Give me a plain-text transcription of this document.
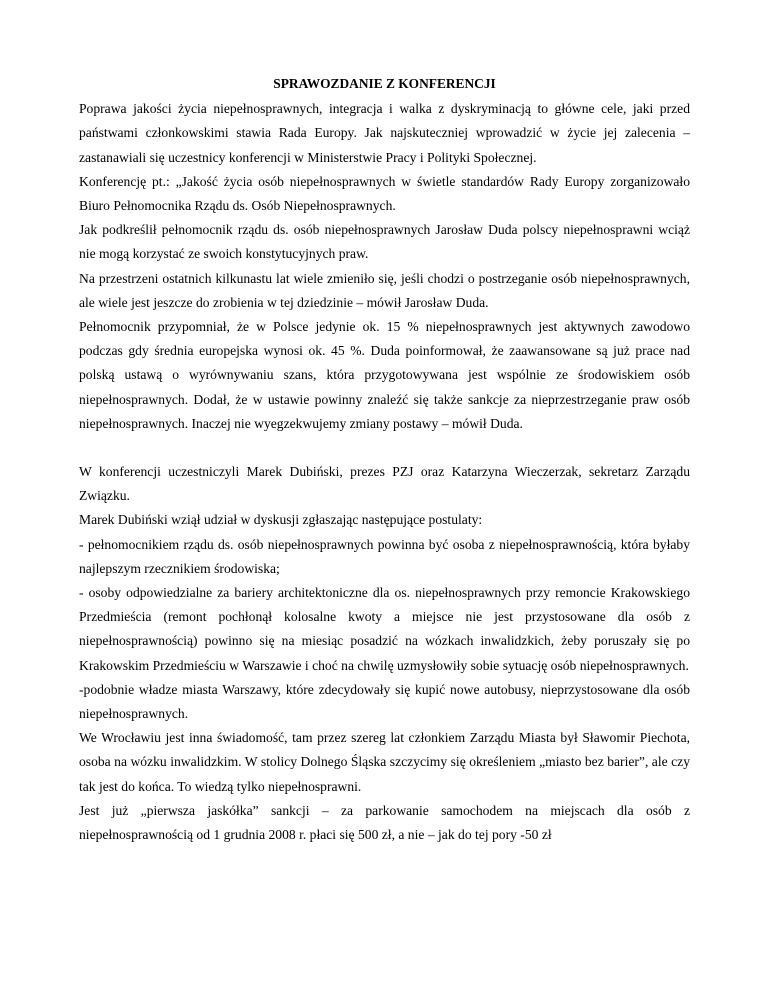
SPRAWOZDANIE Z KONFERENCJI

Poprawa jakości życia niepełnosprawnych, integracja i walka z dyskryminacją to główne cele, jaki przed państwami członkowskimi stawia Rada Europy. Jak najskuteczniej wprowadzić w życie jej zalecenia – zastanawiali się uczestnicy konferencji w Ministerstwie Pracy i Polityki Społecznej.

Konferencję pt.: „Jakość życia osób niepełnosprawnych w świetle standardów Rady Europy zorganizowało Biuro Pełnomocnika Rządu ds. Osób Niepełnosprawnych.

Jak podkreślił pełnomocnik rządu ds. osób niepełnosprawnych Jarosław Duda polscy niepełnosprawni wciąż nie mogą korzystać ze swoich konstytucyjnych praw.

Na przestrzeni ostatnich kilkunastu lat wiele zmieniło się, jeśli chodzi o postrzeganie osób niepełnosprawnych, ale wiele jest jeszcze do zrobienia w tej dziedzinie – mówił Jarosław Duda.

Pełnomocnik przypomniał, że w Polsce jedynie ok. 15 % niepełnosprawnych jest aktywnych zawodowo podczas gdy średnia europejska wynosi ok. 45 %. Duda poinformował, że zaawansowane są już prace nad polską ustawą o wyrównywaniu szans, która przygotowywana jest wspólnie ze środowiskiem osób niepełnosprawnych. Dodał, że w ustawie powinny znaleźć się także sankcje za nieprzestrzeganie praw osób niepełnosprawnych. Inaczej nie wyegzekwujemy zmiany postawy – mówił Duda.

W konferencji uczestniczyli Marek Dubiński, prezes PZJ oraz Katarzyna Wieczerzak, sekretarz Zarządu Związku.

Marek Dubiński wziął udział w dyskusji zgłaszając następujące postulaty:

- pełnomocnikiem rządu ds. osób niepełnosprawnych powinna być osoba z niepełnosprawnością, która byłaby najlepszym rzecznikiem środowiska;

- osoby odpowiedzialne za bariery architektoniczne dla os. niepełnosprawnych przy remoncie Krakowskiego Przedmieścia (remont pochłonął kolosalne kwoty a miejsce nie jest przystosowane dla osób z niepełnosprawnością) powinno się na miesiąc posadzić na wózkach inwalidzkich, żeby poruszały się po Krakowskim Przedmieściu w Warszawie i choć na chwilę uzmysłowiły sobie sytuację osób niepełnosprawnych.

-podobnie władze miasta Warszawy, które zdecydowały się kupić nowe autobusy, nieprzystosowane dla osób niepełnosprawnych.

We Wrocławiu jest inna świadomość, tam przez szereg lat członkiem Zarządu Miasta był Sławomir Piechota, osoba na wózku inwalidzkim. W stolicy Dolnego Śląska szczycimy się określeniem „miasto bez barier”, ale czy tak jest do końca. To wiedzą tylko niepełnosprawni.

Jest już „pierwsza jaskółka” sankcji – za parkowanie samochodem na miejscach dla osób z niepełnosprawnością od 1 grudnia 2008 r. płaci się 500 zł, a nie – jak do tej pory -50 zł
